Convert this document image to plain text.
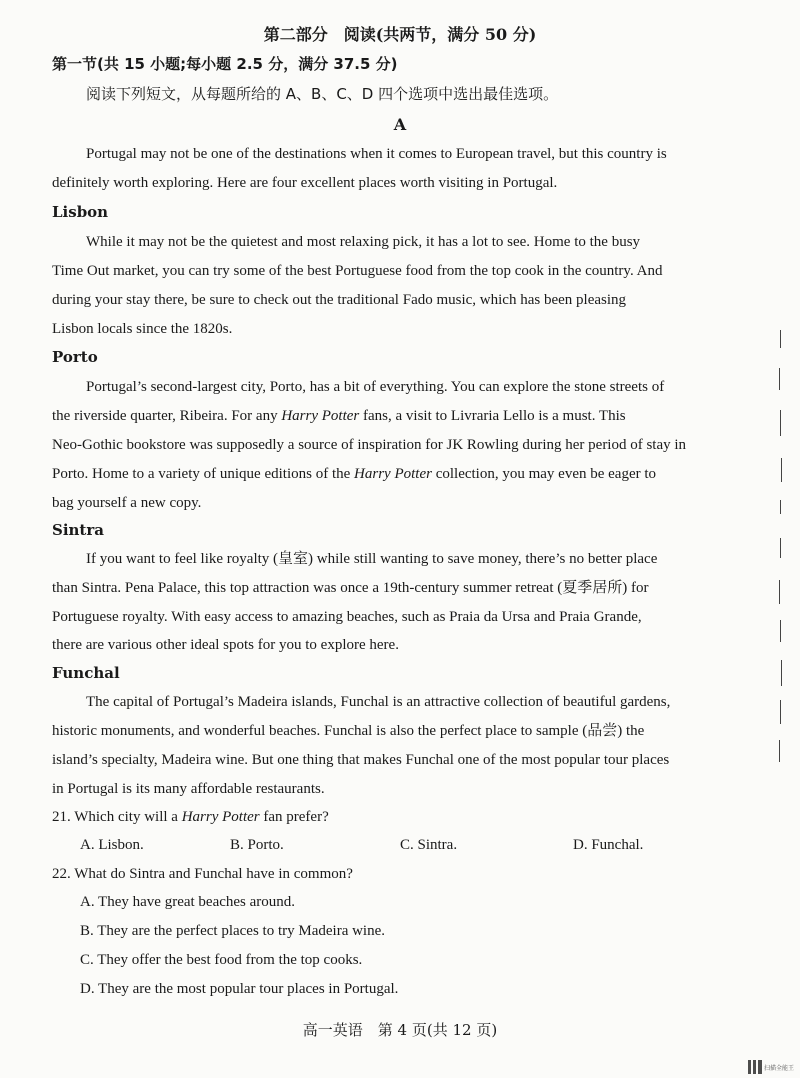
第二部分　阅读(共两节，满分 50 分)
第一节(共 15 小题;每小题 2.5 分，满分 37.5 分)
阅读下列短文，从每题所给的 A、B、C、D 四个选项中选出最佳选项。
A
Portugal may not be one of the destinations when it comes to European travel, but this country is
definitely worth exploring. Here are four excellent places worth visiting in Portugal.
Lisbon
While it may not be the quietest and most relaxing pick, it has a lot to see. Home to the busy
Time Out market, you can try some of the best Portuguese food from the top cook in the country. And
during your stay there, be sure to check out the traditional Fado music, which has been pleasing
Lisbon locals since the 1820s.
Porto
Portugal’s second-largest city, Porto, has a bit of everything. You can explore the stone streets of
the riverside quarter, Ribeira. For any Harry Potter fans, a visit to Livraria Lello is a must. This
Neo-Gothic bookstore was supposedly a source of inspiration for JK Rowling during her period of stay in
Porto. Home to a variety of unique editions of the Harry Potter collection, you may even be eager to
bag yourself a new copy.
Sintra
If you want to feel like royalty (皇室) while still wanting to save money, there’s no better place
than Sintra. Pena Palace, this top attraction was once a 19th-century summer retreat (夏季居所) for
Portuguese royalty. With easy access to amazing beaches, such as Praia da Ursa and Praia Grande,
there are various other ideal spots for you to explore here.
Funchal
The capital of Portugal’s Madeira islands, Funchal is an attractive collection of beautiful gardens,
historic monuments, and wonderful beaches. Funchal is also the perfect place to sample (品尝) the
island’s specialty, Madeira wine. But one thing that makes Funchal one of the most popular tour places
in Portugal is its many affordable restaurants.
21. Which city will a Harry Potter fan prefer?
A. Lisbon.	B. Porto.	C. Sintra.	D. Funchal.
22. What do Sintra and Funchal have in common?
A. They have great beaches around.
B. They are the perfect places to try Madeira wine.
C. They offer the best food from the top cooks.
D. They are the most popular tour places in Portugal.
高一英语　第 4 页(共 12 页)
扫描全能王
